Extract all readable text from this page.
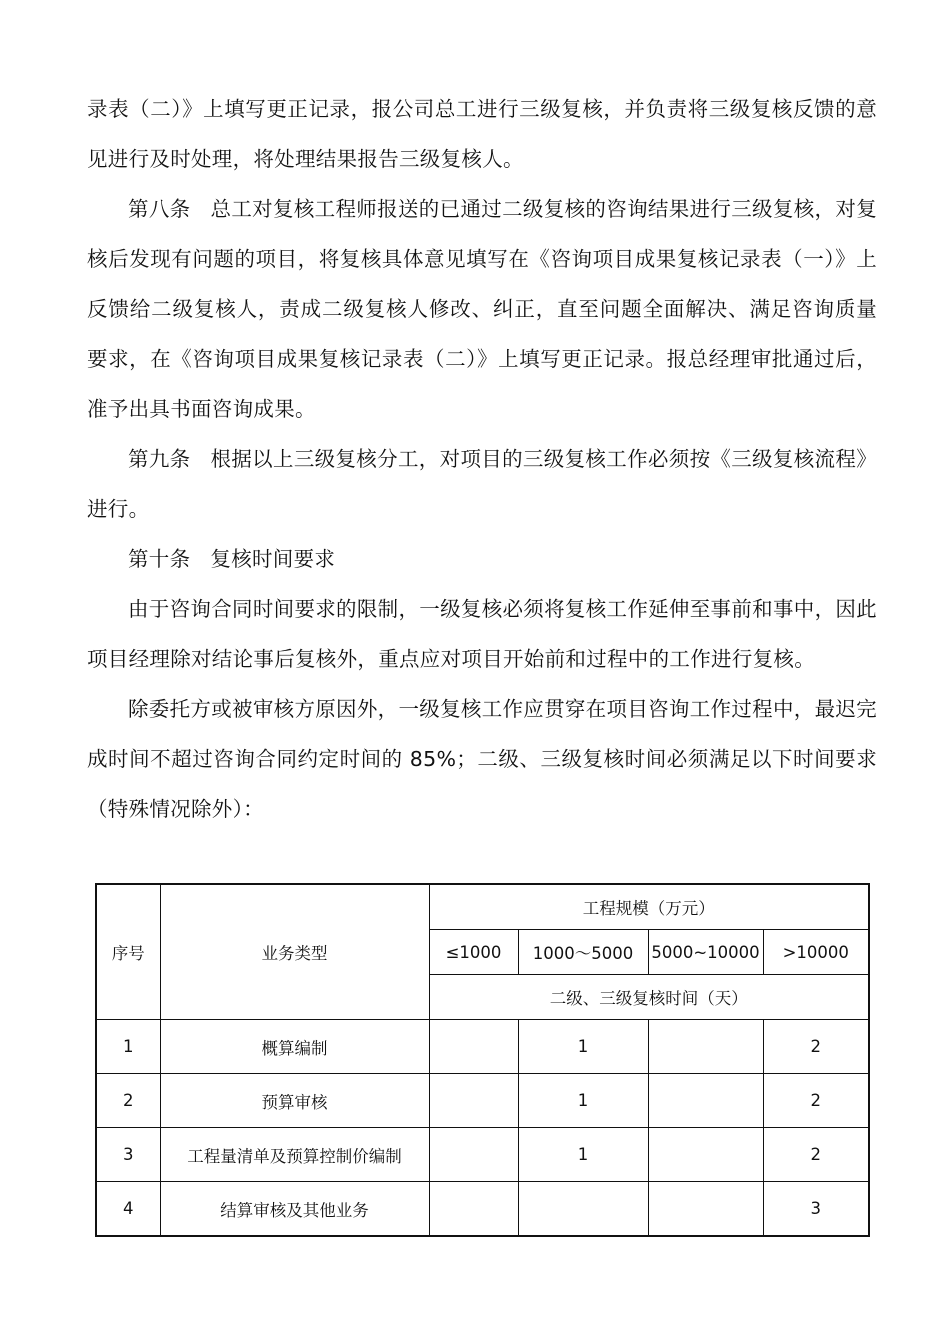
录表（二）》上填写更正记录，报公司总工进行三级复核，并负责将三级复核反馈的意见进行及时处理，将处理结果报告三级复核人。

第八条 总工对复核工程师报送的已通过二级复核的咨询结果进行三级复核，对复核后发现有问题的项目，将复核具体意见填写在《咨询项目成果复核记录表（一）》上反馈给二级复核人，责成二级复核人修改、纠正，直至问题全面解决、满足咨询质量要求，在《咨询项目成果复核记录表（二）》上填写更正记录。报总经理审批通过后，准予出具书面咨询成果。

第九条 根据以上三级复核分工，对项目的三级复核工作必须按《三级复核流程》进行。

第十条 复核时间要求

由于咨询合同时间要求的限制，一级复核必须将复核工作延伸至事前和事中，因此项目经理除对结论事后复核外，重点应对项目开始前和过程中的工作进行复核。

除委托方或被审核方原因外，一级复核工作应贯穿在项目咨询工作过程中，最迟完成时间不超过咨询合同约定时间的 85%；二级、三级复核时间必须满足以下时间要求（特殊情况除外）：

序号	业务类型	工程规模（万元）			
		≤1000	1000～5000	5000~10000	>10000
		二级、三级复核时间（天）			
1	概算编制		1		2
2	预算审核		1		2
3	工程量清单及预算控制价编制		1		2
4	结算审核及其他业务				3
